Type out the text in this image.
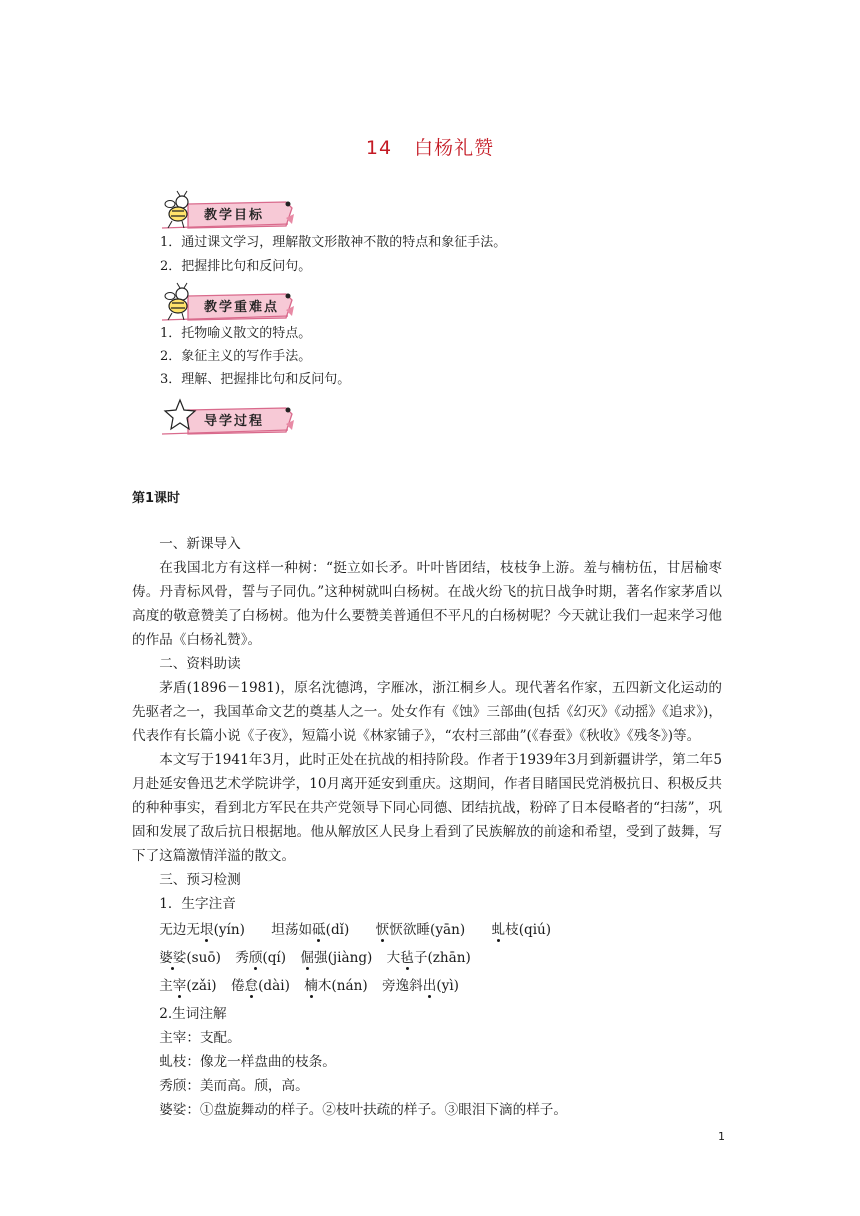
14 白杨礼赞
教学目标
1．通过课文学习，理解散文形散神不散的特点和象征手法。
2．把握排比句和反问句。
教学重难点
1．托物喻义散文的特点。
2．象征主义的写作手法。
3．理解、把握排比句和反问句。
导学过程
第1课时

一、新课导入

在我国北方有这样一种树：“挺立如长矛。叶叶皆团结，枝枝争上游。羞与楠枋伍，甘居榆枣俦。丹青标风骨，誓与子同仇。”这种树就叫白杨树。在战火纷飞的抗日战争时期，著名作家茅盾以高度的敬意赞美了白杨树。他为什么要赞美普通但不平凡的白杨树呢？今天就让我们一起来学习他的作品《白杨礼赞》。

二、资料助读

茅盾(1896－1981)，原名沈德鸿，字雁冰，浙江桐乡人。现代著名作家，五四新文化运动的先驱者之一，我国革命文艺的奠基人之一。处女作有《蚀》三部曲(包括《幻灭》《动摇》《追求》)，代表作有长篇小说《子夜》，短篇小说《林家铺子》，“农村三部曲”(《春蚕》《秋收》《残冬》)等。

本文写于1941年3月，此时正处在抗战的相持阶段。作者于1939年3月到新疆讲学，第二年5月赴延安鲁迅艺术学院讲学，10月离开延安到重庆。这期间，作者目睹国民党消极抗日、积极反共的种种事实，看到北方军民在共产党领导下同心同德、团结抗战，粉碎了日本侵略者的“扫荡”，巩固和发展了敌后抗日根据地。他从解放区人民身上看到了民族解放的前途和希望，受到了鼓舞，写下了这篇激情洋溢的散文。

三、预习检测

1．生字注音

无边无垠(yín) 坦荡如砥(dǐ) 恹恹欲睡(yān) 虬枝(qiú)

婆娑(suō) 秀颀(qí) 倔强(jiàng) 大毡子(zhān)

主宰(zǎi) 倦怠(dài) 楠木(nán) 旁逸斜出(yì)

2.生词注解

主宰：支配。

虬枝：像龙一样盘曲的枝条。

秀颀：美而高。颀，高。

婆娑：①盘旋舞动的样子。②枝叶扶疏的样子。③眼泪下滴的样子。

1
